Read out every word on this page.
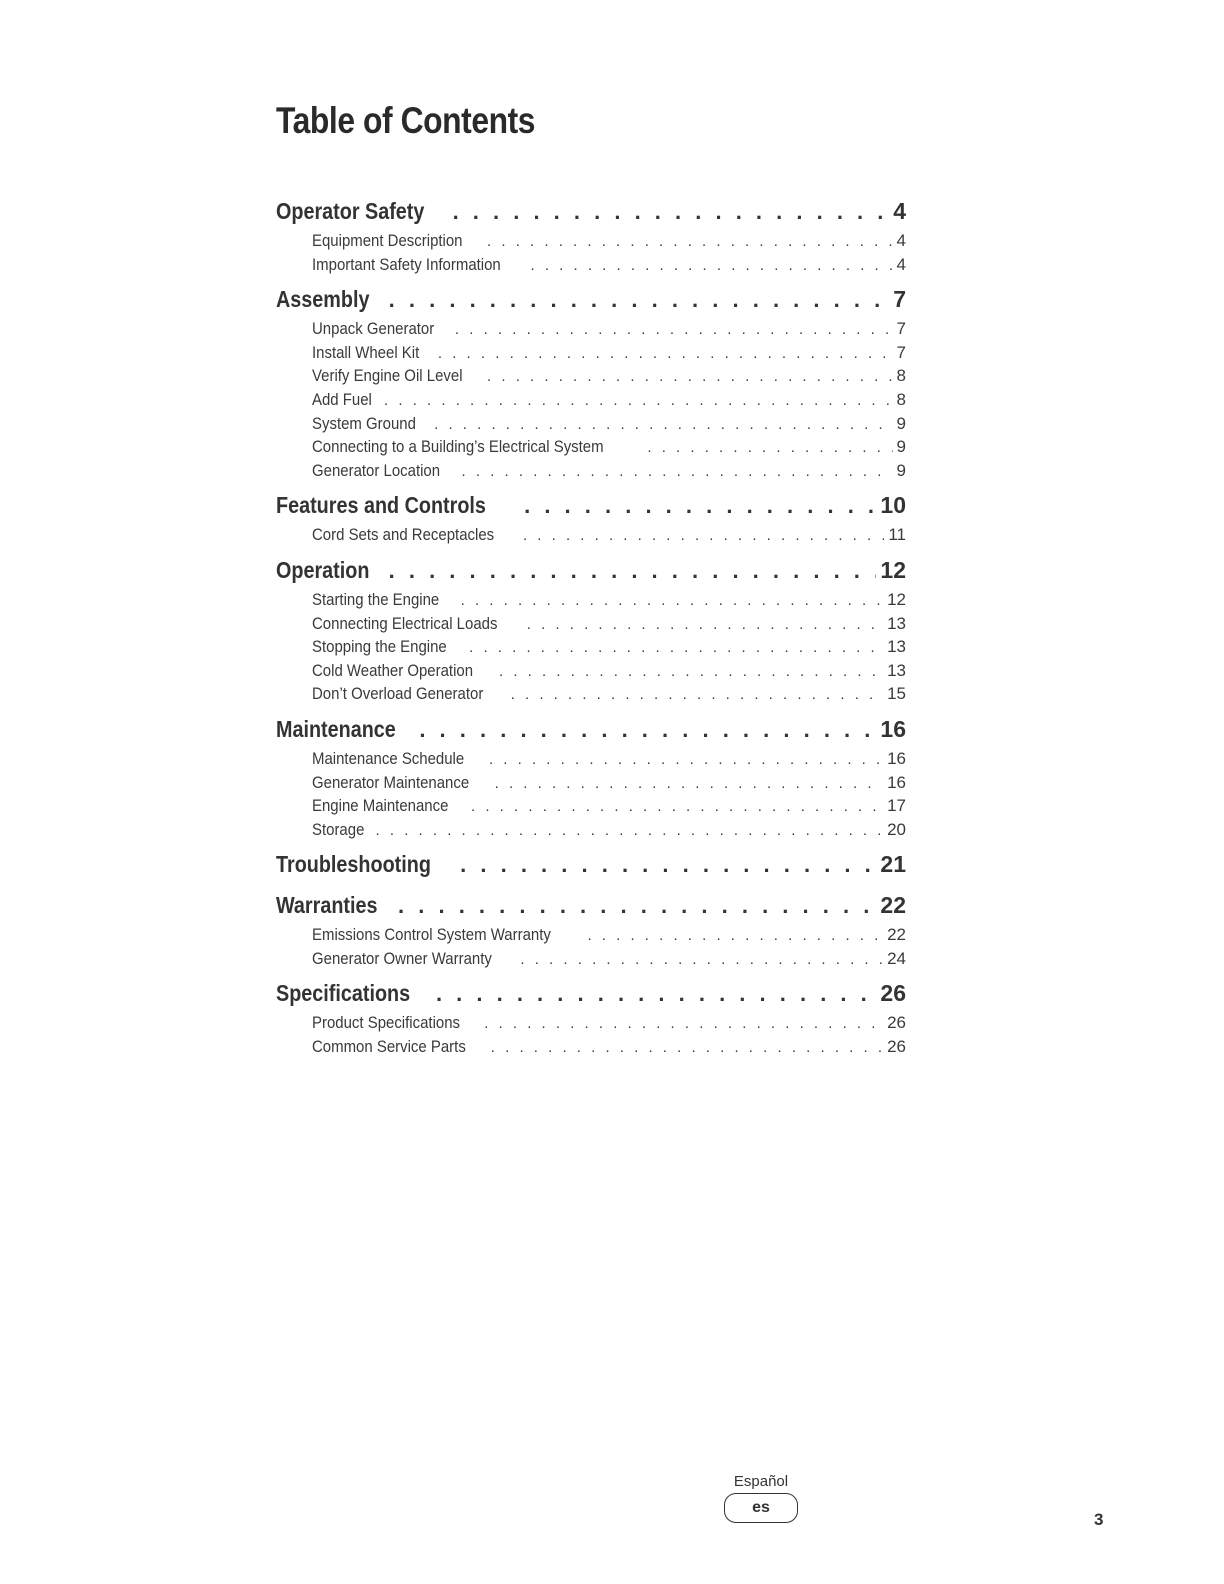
Table of Contents
Operator Safety . . .	4
Equipment Description . . .	4
Important Safety Information . . .	4
Assembly . . .	7
Unpack Generator . . .	7
Install Wheel Kit . . .	7
Verify Engine Oil Level . . .	8
Add Fuel . . .	8
System Ground . . .	9
Connecting to a Building’s Electrical System . . .	9
Generator Location . . .	9
Features and Controls . . .	10
Cord Sets and Receptacles . . .	11
Operation . . .	12
Starting the Engine . . .	12
Connecting Electrical Loads . . .	13
Stopping the Engine . . .	13
Cold Weather Operation . . .	13
Don’t Overload Generator . . .	15
Maintenance . . .	16
Maintenance Schedule . . .	16
Generator Maintenance . . .	16
Engine Maintenance . . .	17
Storage . . .	20
Troubleshooting . . .	21
Warranties . . .	22
Emissions Control System Warranty . . .	22
Generator Owner Warranty . . .	24
Specifications . . .	26
Product Specifications . . .	26
Common Service Parts . . .	26
Español
es
3
